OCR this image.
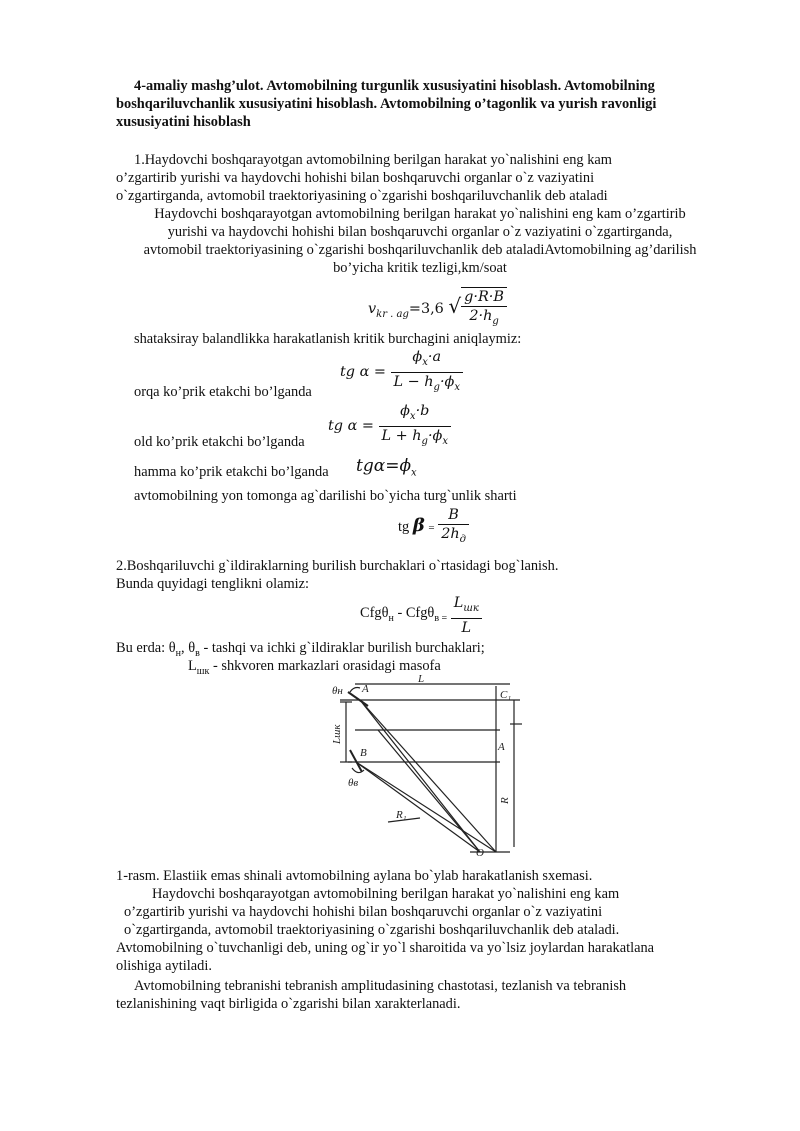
4-amaliy mashg’ulot. Avtomobilning turgunlik xususiyatini hisoblash. Avtomobilning
boshqariluvchanlik xususiyatini hisoblash. Avtomobilning o’tagonlik va yurish ravonligi
xususiyatini hisoblash
1.Haydovchi boshqarayotgan avtomobilning berilgan harakat yo`nalishini eng kam
o’zgartirib yurishi va haydovchi hohishi bilan boshqaruvchi organlar o`z vaziyatini
o`zgartirganda, avtomobil traektoriyasining o`zgarishi boshqariluvchanlik deb ataladi
Haydovchi boshqarayotgan avtomobilning berilgan harakat yo`nalishini eng kam o’zgartirib
yurishi va haydovchi hohishi bilan boshqaruvchi organlar o`z vaziyatini o`zgartirganda,
avtomobil traektoriyasining o`zgarishi boshqariluvchanlik deb ataladiAvtomobilning ag’darilish
bo’yicha kritik tezligi,km/soat
$v_{kr . ag}=3,6$ √ $\frac{g\cdot R\cdot B}{2\cdot h_g}$
shataksiray balandlikka harakatlanish kritik burchagini aniqlaymiz:
tg $\alpha = \frac{\phi_x\cdot a}{L - h_g\cdot\phi_x}$
orqa ko’prik etakchi bo’lganda
tg $\alpha = \frac{\phi_x\cdot b}{L + h_g\cdot\phi_x}$
old ko’prik etakchi bo’lganda
hamma ko’prik etakchi bo’lganda $tg\alpha=\phi_x$
avtomobilning yon tomonga ag`darilishi bo`yicha turg`unlik sharti
tg $\beta = \frac{B}{2h_д}$
2.Boshqariluvchi g`ildiraklarning burilish burchaklari o`rtasidagi bog`lanish.
Bunda quyidagi tenglikni olamiz:
$Cfg\theta_н - Cfg\theta_{в =} \frac{L_{шк}}{L}$
Bu erda: $\theta_н$, $\theta_в$ - tashqi va ichki g`ildiraklar burilish burchaklari;
$L_{шк}$ - shkvoren markazlari orasidagi masofa
θн A
L
C₁
Lшк
B	A
θв
R
R₁
O
1-rasm. Elastiik emas shinali avtomobilning aylana bo`ylab harakatlanish sxemasi.
Haydovchi boshqarayotgan avtomobilning berilgan harakat yo`nalishini eng kam
o’zgartirib yurishi va haydovchi hohishi bilan boshqaruvchi organlar o`z vaziyatini
o`zgartirganda, avtomobil traektoriyasining o`zgarishi boshqariluvchanlik deb ataladi.
Avtomobilning o`tuvchanligi deb, uning og`ir yo`l sharoitida va yo`lsiz joylardan harakatlana
olishiga aytiladi.
Avtomobilning tebranishi tebranish amplitudasining chastotasi, tezlanish va tebranish
tezlanishining vaqt birligida o`zgarishi bilan xarakterlanadi.
